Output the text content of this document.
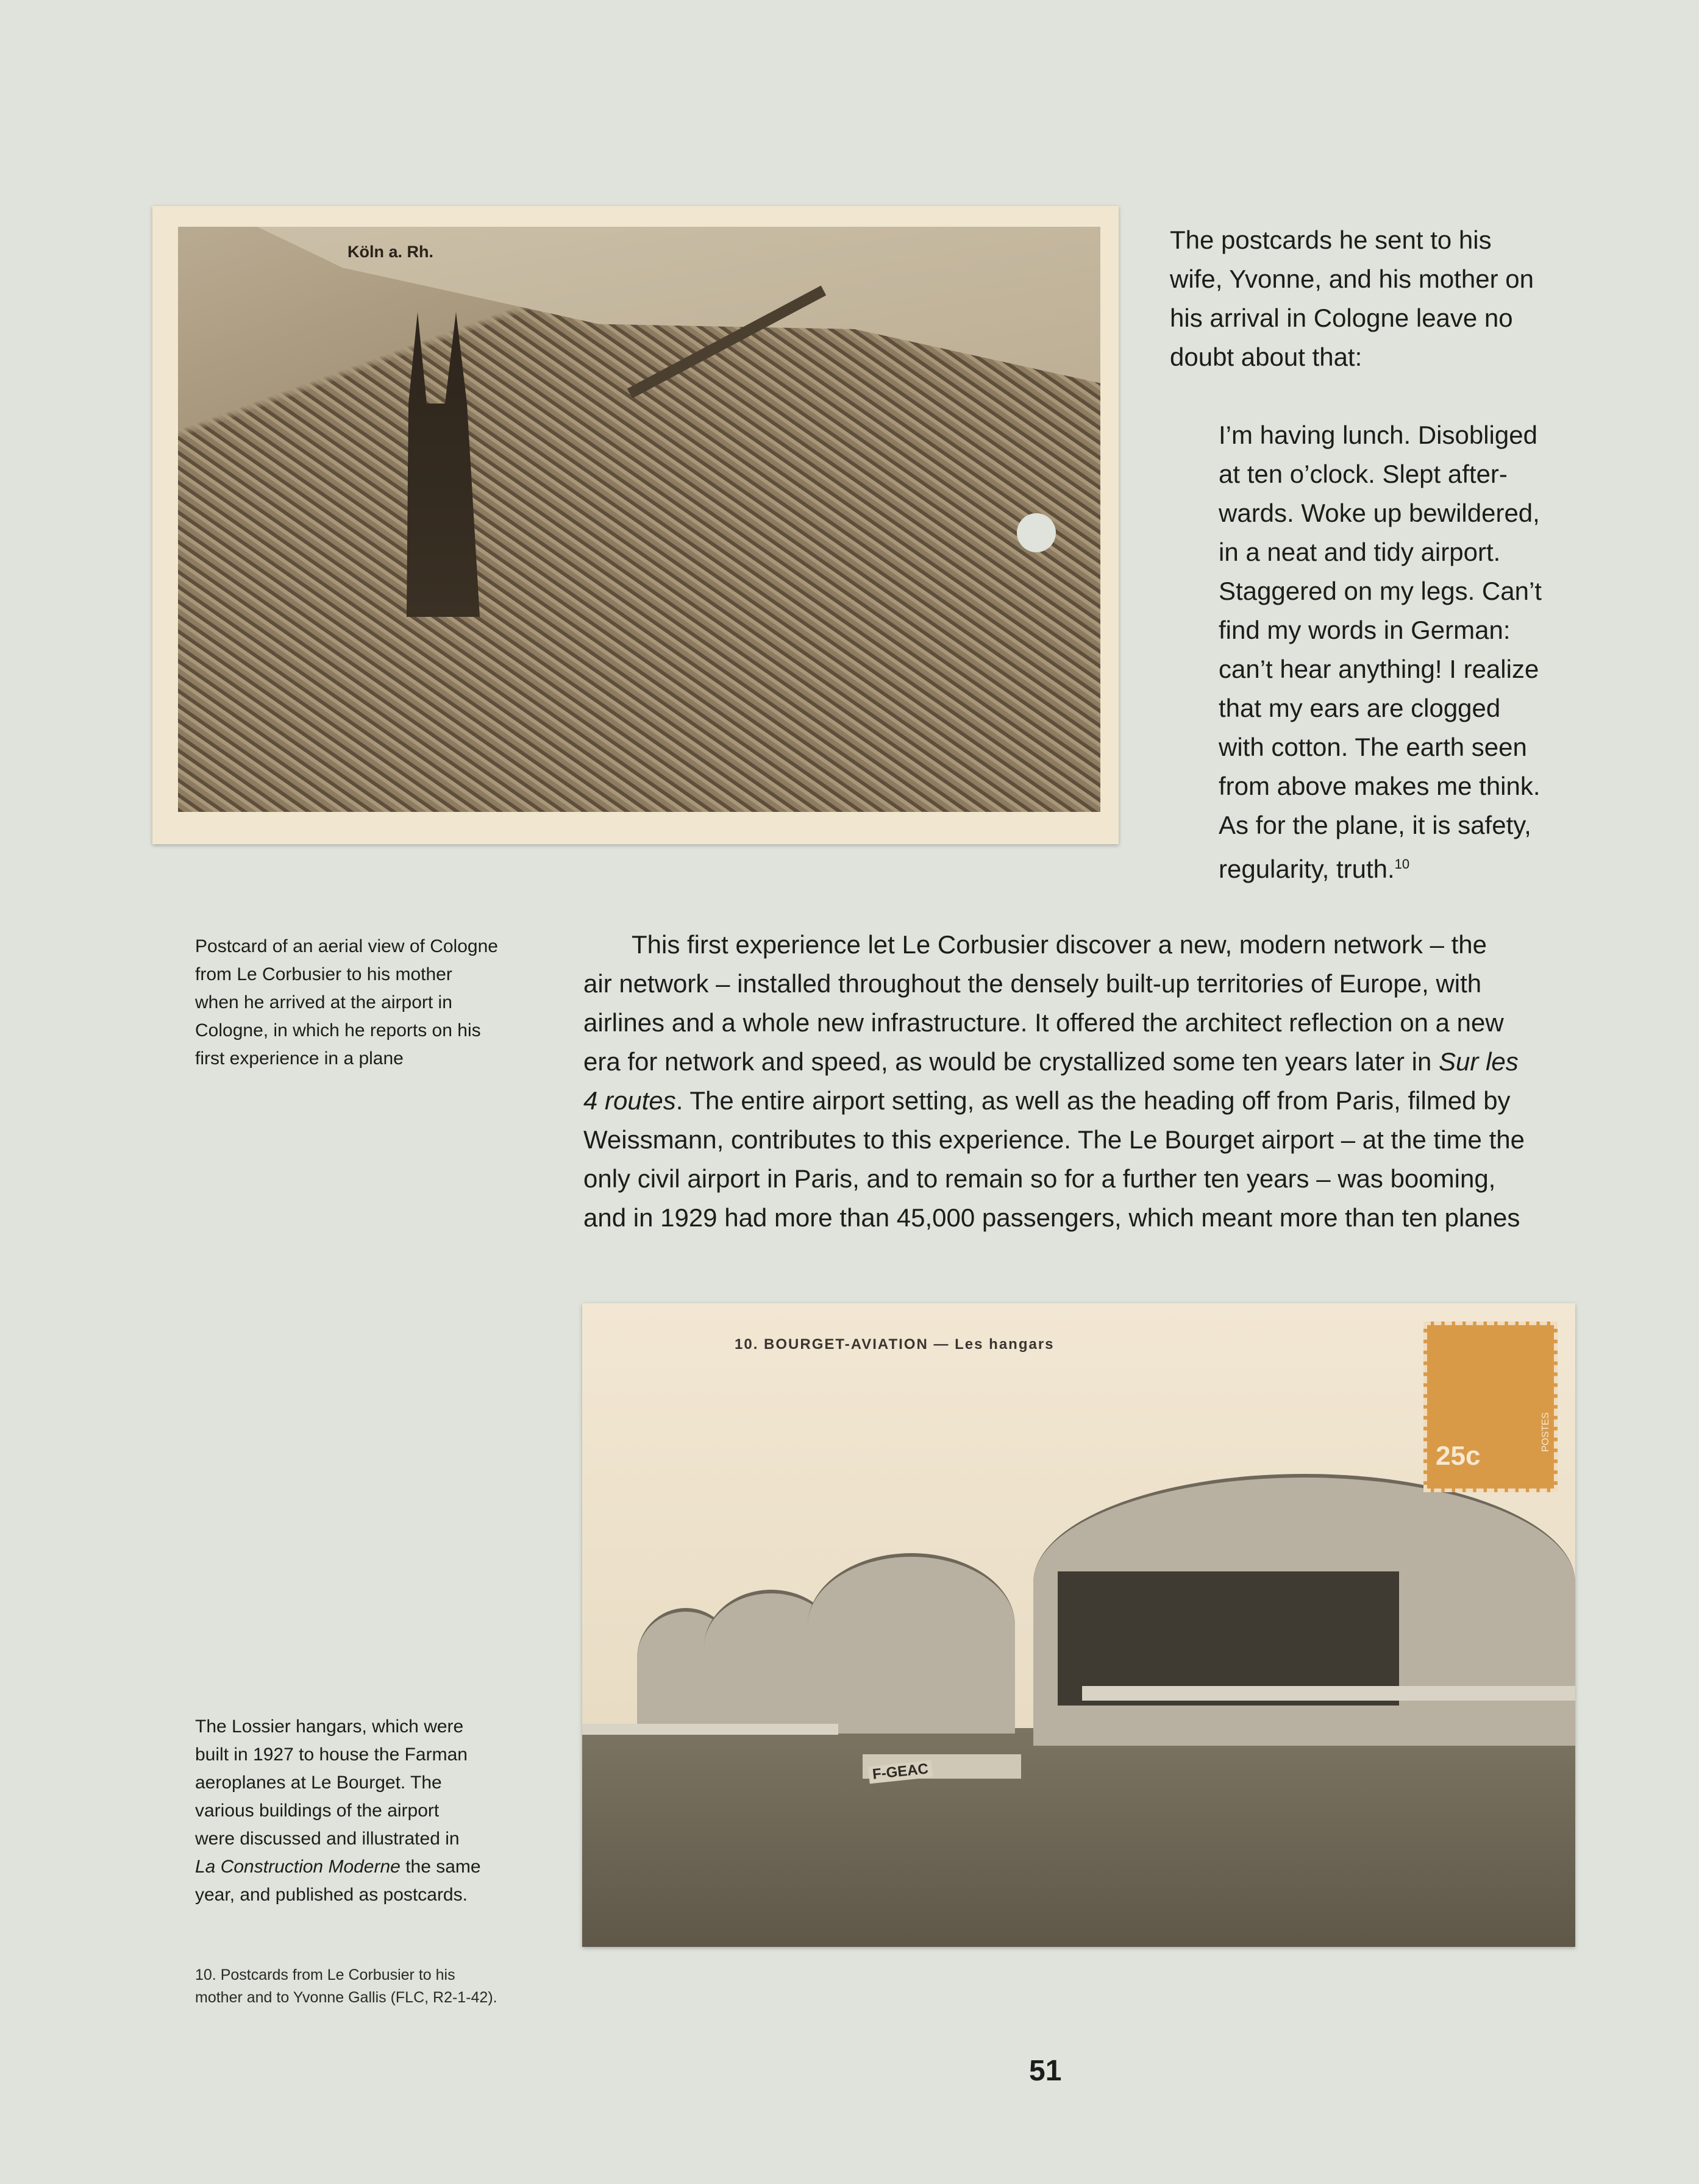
Köln a. Rh.	The postcards he sent to his
wife, Yvonne, and his mother on
his arrival in Cologne leave no
doubt about that:
I’m having lunch. Disobliged
at ten o’clock. Slept after-
wards. Woke up bewildered,
in a neat and tidy airport.
Staggered on my legs. Can’t
find my words in German:
can’t hear anything! I realize
that my ears are clogged
with cotton. The earth seen
from above makes me think.
As for the plane, it is safety,
regularity, truth.$^{10}$
Postcard of an aerial view of Cologne
from Le Corbusier to his mother
when he arrived at the airport in
Cologne, in which he reports on his
first experience in a plane
This first experience let Le Corbusier discover a new, modern network – the
air network – installed throughout the densely built-up territories of Europe, with
airlines and a whole new infrastructure. It offered the architect reflection on a new
era for network and speed, as would be crystallized some ten years later in Sur les
4 routes. The entire airport setting, as well as the heading off from Paris, filmed by
Weissmann, contributes to this experience. The Le Bourget airport – at the time the
only civil airport in Paris, and to remain so for a further ten years – was booming,
and in 1929 had more than 45,000 passengers, which meant more than ten planes
F-GEAC
10. BOURGET-AVIATION — Les hangars
25c
POSTES
The Lossier hangars, which were
built in 1927 to house the Farman
aeroplanes at Le Bourget. The
various buildings of the airport
were discussed and illustrated in
La Construction Moderne the same
year, and published as postcards.
10. Postcards from Le Corbusier to his
mother and to Yvonne Gallis (FLC, R2-1-42).
51
